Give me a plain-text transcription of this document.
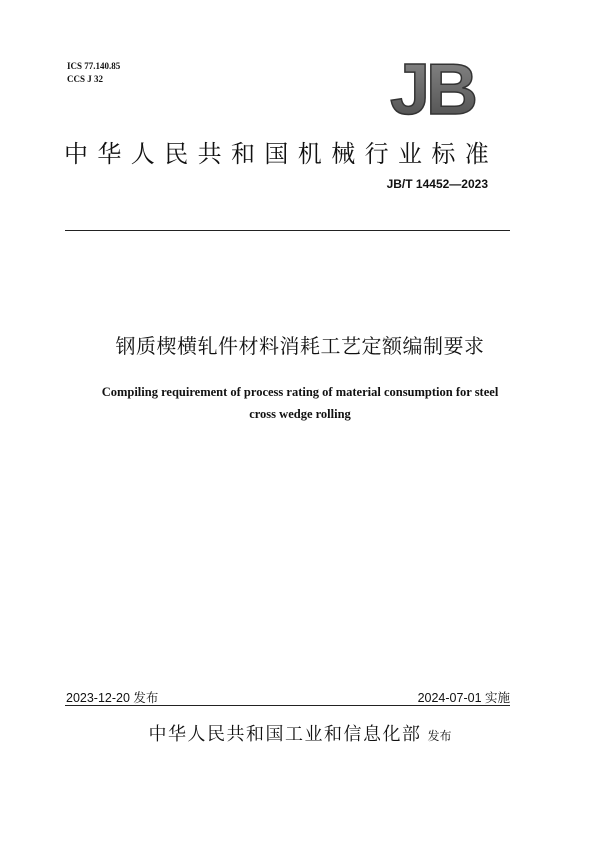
ICS 77.140.85
CCS J 32	JB
中华人民共和国机械行业标准
JB/T 14452—2023
钢质楔横轧件材料消耗工艺定额编制要求
Compiling requirement of process rating of material consumption for steel
cross wedge rolling
2023-12-20 发布	2024-07-01 实施
中华人民共和国工业和信息化部 发布
